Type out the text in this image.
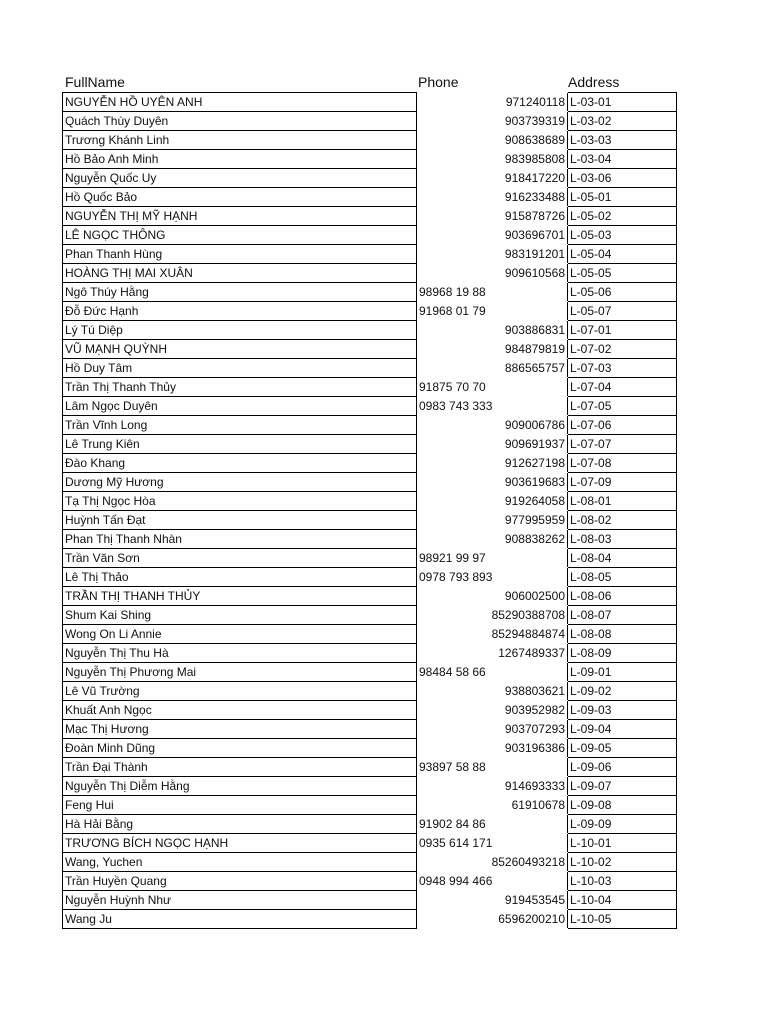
FullName	Phone	Address
NGUYỄN HỒ UYÊN ANH	971240118	L-03-01
Quách Thùy Duyên	903739319	L-03-02
Trương Khánh Linh	908638689	L-03-03
Hồ Bảo Anh Minh	983985808	L-03-04
Nguyễn Quốc Uy	918417220	L-03-06
Hồ Quốc Bảo	916233488	L-05-01
NGUYỄN THỊ MỸ HẠNH	915878726	L-05-02
LÊ NGỌC THÔNG	903696701	L-05-03
Phan Thanh Hùng	983191201	L-05-04
HOÀNG THỊ MAI XUÂN	909610568	L-05-05
Ngô Thúy Hằng	98968 19 88	L-05-06
Đỗ Đức Hạnh	91968 01 79	L-05-07
Lý Tú Diệp	903886831	L-07-01
VŨ MẠNH QUỲNH	984879819	L-07-02
Hồ Duy Tâm	886565757	L-07-03
Trần Thị Thanh Thủy	91875 70 70	L-07-04
Lâm Ngọc Duyên	0983 743 333	L-07-05
Trần Vĩnh Long	909006786	L-07-06
Lê Trung Kiên	909691937	L-07-07
Đào Khang	912627198	L-07-08
Dương Mỹ Hương	903619683	L-07-09
Tạ Thị Ngọc Hòa	919264058	L-08-01
Huỳnh Tấn Đạt	977995959	L-08-02
Phan Thị Thanh Nhàn	908838262	L-08-03
Trần Văn Sơn	98921 99 97	L-08-04
Lê Thị Thảo	0978 793 893	L-08-05
TRẦN THỊ THANH THỦY	906002500	L-08-06
Shum Kai Shing	85290388708	L-08-07
Wong On Li Annie	85294884874	L-08-08
Nguyễn Thị Thu Hà	1267489337	L-08-09
Nguyễn Thị Phương Mai	98484 58 66	L-09-01
Lê Vũ Trường	938803621	L-09-02
Khuất Anh Ngọc	903952982	L-09-03
Mạc Thị Hương	903707293	L-09-04
Đoàn Minh Dũng	903196386	L-09-05
Trần Đại Thành	93897 58 88	L-09-06
Nguyễn Thị Diễm Hằng	914693333	L-09-07
Feng Hui	61910678	L-09-08
Hà Hải Bằng	91902 84 86	L-09-09
TRƯƠNG BÍCH NGỌC HẠNH	0935 614 171	L-10-01
Wang, Yuchen	85260493218	L-10-02
Trần Huyền Quang	0948 994 466	L-10-03
Nguyễn Huỳnh Như	919453545	L-10-04
Wang Ju	6596200210	L-10-05
